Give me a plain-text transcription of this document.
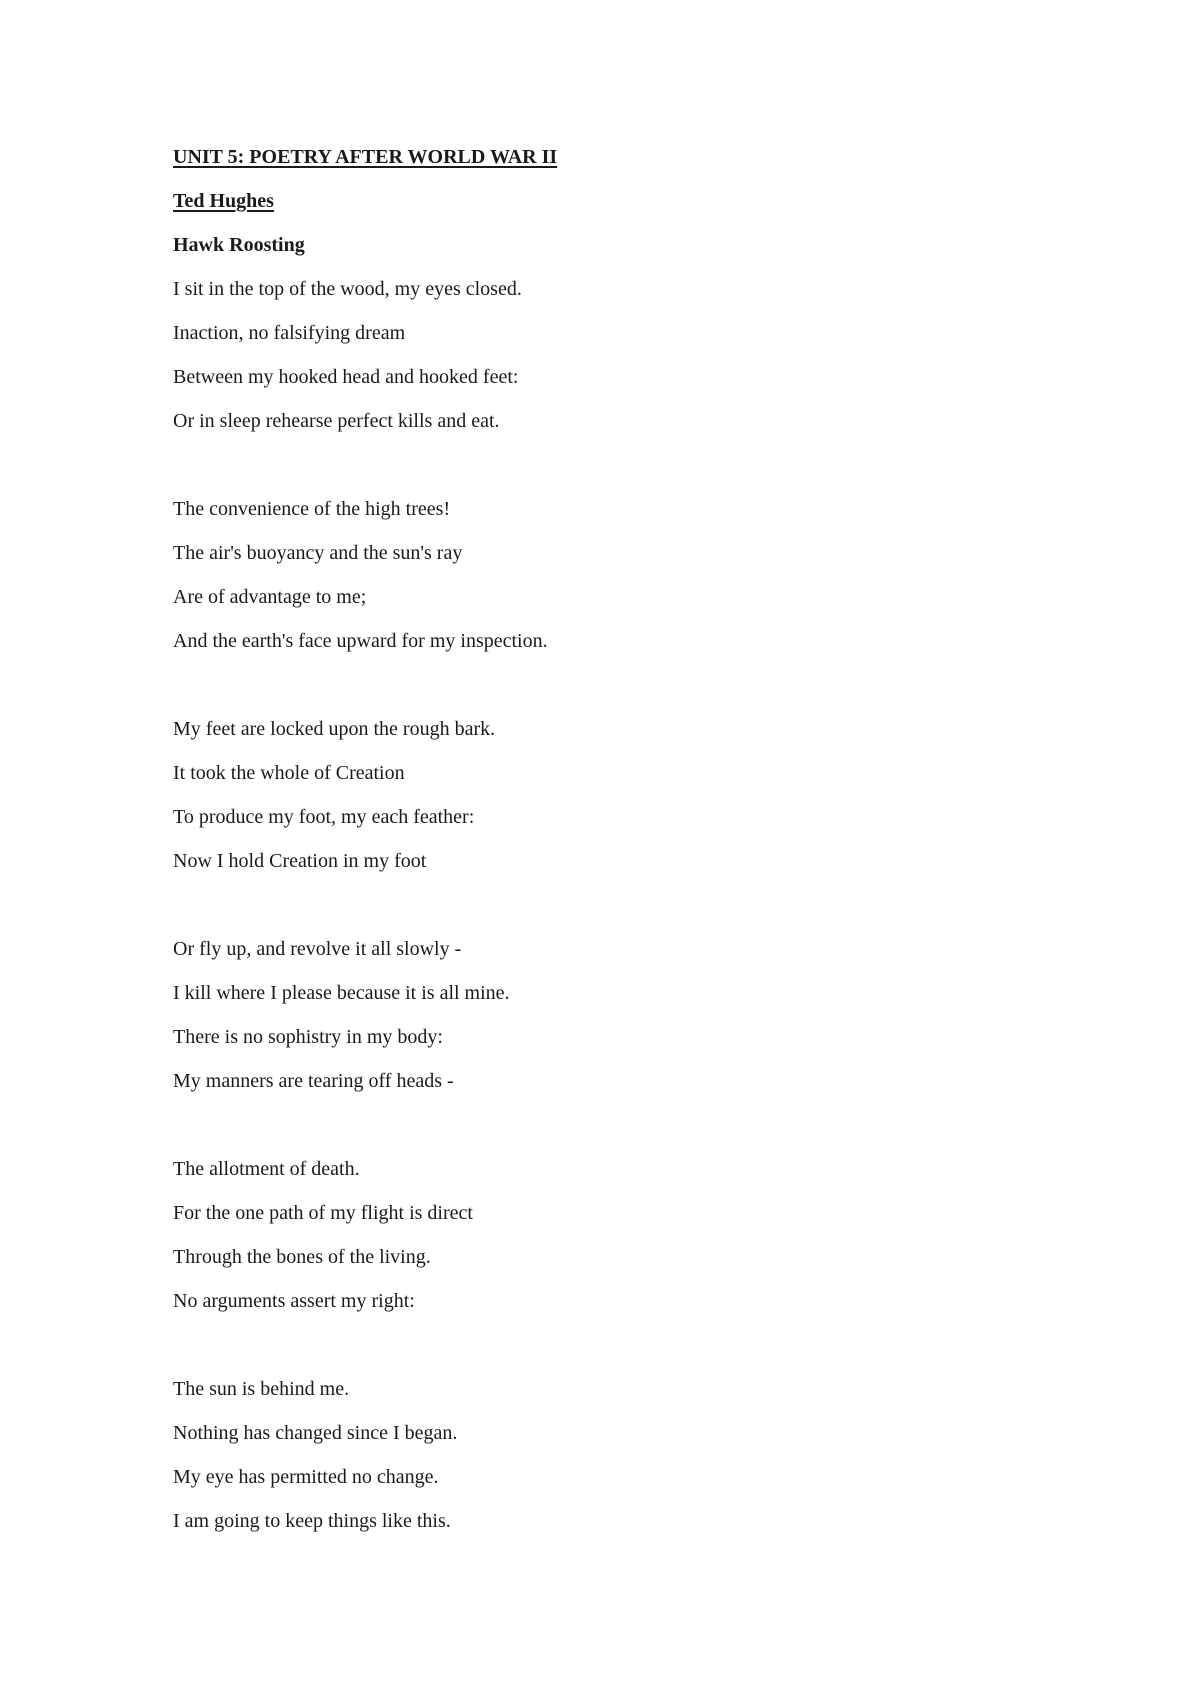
UNIT 5: POETRY AFTER WORLD WAR II
Ted Hughes
Hawk Roosting
I sit in the top of the wood, my eyes closed.
Inaction, no falsifying dream
Between my hooked head and hooked feet:
Or in sleep rehearse perfect kills and eat.
The convenience of the high trees!
The air's buoyancy and the sun's ray
Are of advantage to me;
And the earth's face upward for my inspection.
My feet are locked upon the rough bark.
It took the whole of Creation
To produce my foot, my each feather:
Now I hold Creation in my foot
Or fly up, and revolve it all slowly -
I kill where I please because it is all mine.
There is no sophistry in my body:
My manners are tearing off heads -
The allotment of death.
For the one path of my flight is direct
Through the bones of the living.
No arguments assert my right:
The sun is behind me.
Nothing has changed since I began.
My eye has permitted no change.
I am going to keep things like this.
